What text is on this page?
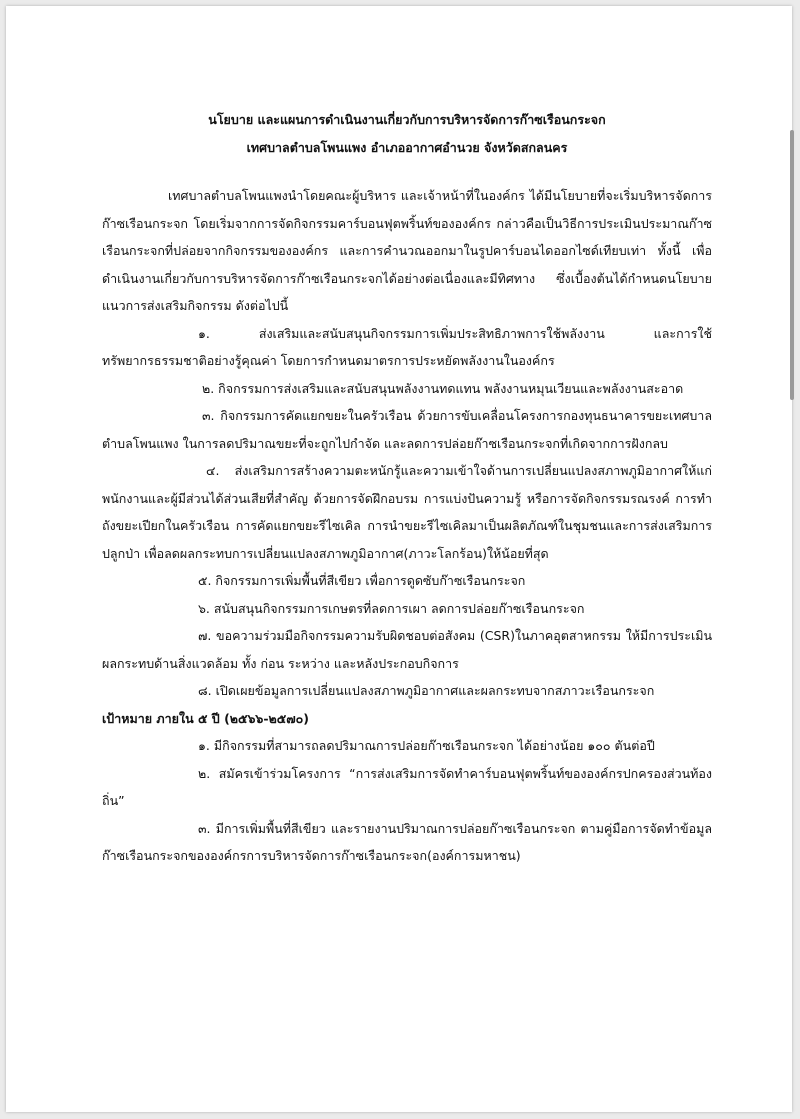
นโยบาย และแผนการดำเนินงานเกี่ยวกับการบริหารจัดการก๊าซเรือนกระจก

เทศบาลตำบลโพนแพง อำเภออากาศอำนวย จังหวัดสกลนคร

เทศบาลตำบลโพนแพงนำโดยคณะผู้บริหาร และเจ้าหน้าที่ในองค์กร ได้มีนโยบายที่จะเริ่มบริหารจัดการก๊าซเรือนกระจก โดยเริ่มจากการจัดกิจกรรมคาร์บอนฟุตพริ้นท์ขององค์กร กล่าวคือเป็นวิธีการประเมินประมาณก๊าซเรือนกระจกที่ปล่อยจากกิจกรรมขององค์กร และการคำนวณออกมาในรูปคาร์บอนไดออกไซด์เทียบเท่า ทั้งนี้ เพื่อดำเนินงานเกี่ยวกับการบริหารจัดการก๊าซเรือนกระจกได้อย่างต่อเนื่องและมีทิศทาง ซึ่งเบื้องต้นได้กำหนดนโยบายแนวการส่งเสริมกิจกรรม ดังต่อไปนี้

๑. ส่งเสริมและสนับสนุนกิจกรรมการเพิ่มประสิทธิภาพการใช้พลังงาน และการใช้ทรัพยากรธรรมชาติอย่างรู้คุณค่า โดยการกำหนดมาตรการประหยัดพลังงานในองค์กร

๒. กิจกรรมการส่งเสริมและสนับสนุนพลังงานทดแทน พลังงานหมุนเวียนและพลังงานสะอาด

๓. กิจกรรมการคัดแยกขยะในครัวเรือน ด้วยการขับเคลื่อนโครงการกองทุนธนาคารขยะเทศบาลตำบลโพนแพง ในการลดปริมาณขยะที่จะถูกไปกำจัด และลดการปล่อยก๊าซเรือนกระจกที่เกิดจากการฝังกลบ

๔. ส่งเสริมการสร้างความตะหนักรู้และความเข้าใจด้านการเปลี่ยนแปลงสภาพภูมิอากาศให้แก่พนักงานและผู้มีส่วนได้ส่วนเสียที่สำคัญ ด้วยการจัดฝึกอบรม การแบ่งปันความรู้ หรือการจัดกิจกรรมรณรงค์ การทำถังขยะเปียกในครัวเรือน การคัดแยกขยะรีไซเคิล การนำขยะรีไซเคิลมาเป็นผลิตภัณฑ์ในชุมชนและการส่งเสริมการปลูกป่า เพื่อลดผลกระทบการเปลี่ยนแปลงสภาพภูมิอากาศ(ภาวะโลกร้อน)ให้น้อยที่สุด

๕. กิจกรรมการเพิ่มพื้นที่สีเขียว เพื่อการดูดซับก๊าซเรือนกระจก

๖. สนับสนุนกิจกรรมการเกษตรที่ลดการเผา ลดการปล่อยก๊าซเรือนกระจก

๗. ขอความร่วมมือกิจกรรมความรับผิดชอบต่อสังคม (CSR)ในภาคอุตสาหกรรม ให้มีการประเมินผลกระทบด้านสิ่งแวดล้อม ทั้ง ก่อน ระหว่าง และหลังประกอบกิจการ

๘. เปิดเผยข้อมูลการเปลี่ยนแปลงสภาพภูมิอากาศและผลกระทบจากสภาวะเรือนกระจก

เป้าหมาย ภายใน ๕ ปี (๒๕๖๖-๒๕๗๐)

๑. มีกิจกรรมที่สามารถลดปริมาณการปล่อยก๊าซเรือนกระจก ได้อย่างน้อย ๑๐๐ ตันต่อปี

๒. สมัครเข้าร่วมโครงการ “การส่งเสริมการจัดทำคาร์บอนฟุตพริ้นท์ขององค์กรปกครองส่วนท้องถิ่น”

๓. มีการเพิ่มพื้นที่สีเขียว และรายงานปริมาณการปล่อยก๊าซเรือนกระจก ตามคู่มือการจัดทำข้อมูลก๊าซเรือนกระจกขององค์กรการบริหารจัดการก๊าซเรือนกระจก(องค์การมหาชน)
